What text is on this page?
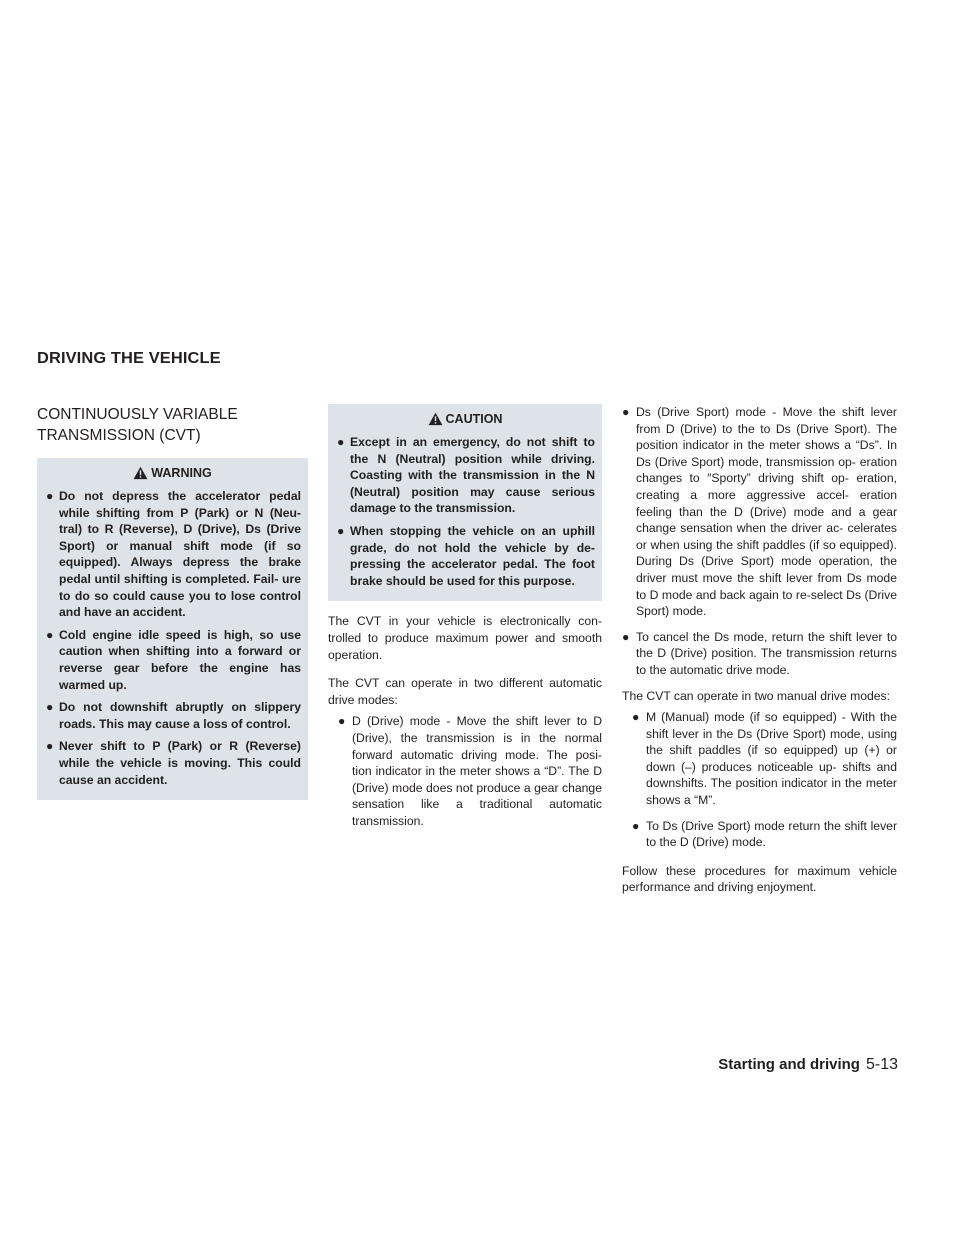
DRIVING THE VEHICLE
CONTINUOUSLY VARIABLE
TRANSMISSION (CVT)
WARNING
● Do not depress the accelerator pedal while shifting from P (Park) or N (Neu- tral) to R (Reverse), D (Drive), Ds (Drive Sport) or manual shift mode (if so equipped). Always depress the brake pedal until shifting is completed. Fail- ure to do so could cause you to lose control and have an accident.
● Cold engine idle speed is high, so use caution when shifting into a forward or reverse gear before the engine has warmed up.
● Do not downshift abruptly on slippery roads. This may cause a loss of control.
● Never shift to P (Park) or R (Reverse) while the vehicle is moving. This could cause an accident.
CAUTION
● Except in an emergency, do not shift to the N (Neutral) position while driving. Coasting with the transmission in the N (Neutral) position may cause serious damage to the transmission.
● When stopping the vehicle on an uphill grade, do not hold the vehicle by de- pressing the accelerator pedal. The foot brake should be used for this purpose.

The CVT in your vehicle is electronically con- trolled to produce maximum power and smooth operation.

The CVT can operate in two different automatic drive modes:

● D (Drive) mode - Move the shift lever to D (Drive), the transmission is in the normal forward automatic driving mode. The posi- tion indicator in the meter shows a “D”. The D (Drive) mode does not produce a gear change sensation like a traditional automatic transmission.
● Ds (Drive Sport) mode - Move the shift lever from D (Drive) to the to Ds (Drive Sport). The position indicator in the meter shows a “Ds”. In Ds (Drive Sport) mode, transmission op- eration changes to ″Sporty” driving shift op- eration, creating a more aggressive accel- eration feeling than the D (Drive) mode and a gear change sensation when the driver ac- celerates or when using the shift paddles (if so equipped). During Ds (Drive Sport) mode operation, the driver must move the shift lever from Ds mode to D mode and back again to re-select Ds (Drive Sport) mode.
● To cancel the Ds mode, return the shift lever to the D (Drive) position. The transmission returns to the automatic drive mode.

The CVT can operate in two manual drive modes:

● M (Manual) mode (if so equipped) - With the shift lever in the Ds (Drive Sport) mode, using the shift paddles (if so equipped) up (+) or down (–) produces noticeable up- shifts and downshifts. The position indicator in the meter shows a “M”.
● To Ds (Drive Sport) mode return the shift lever to the D (Drive) mode.

Follow these procedures for maximum vehicle performance and driving enjoyment.

Starting and driving 5-13
